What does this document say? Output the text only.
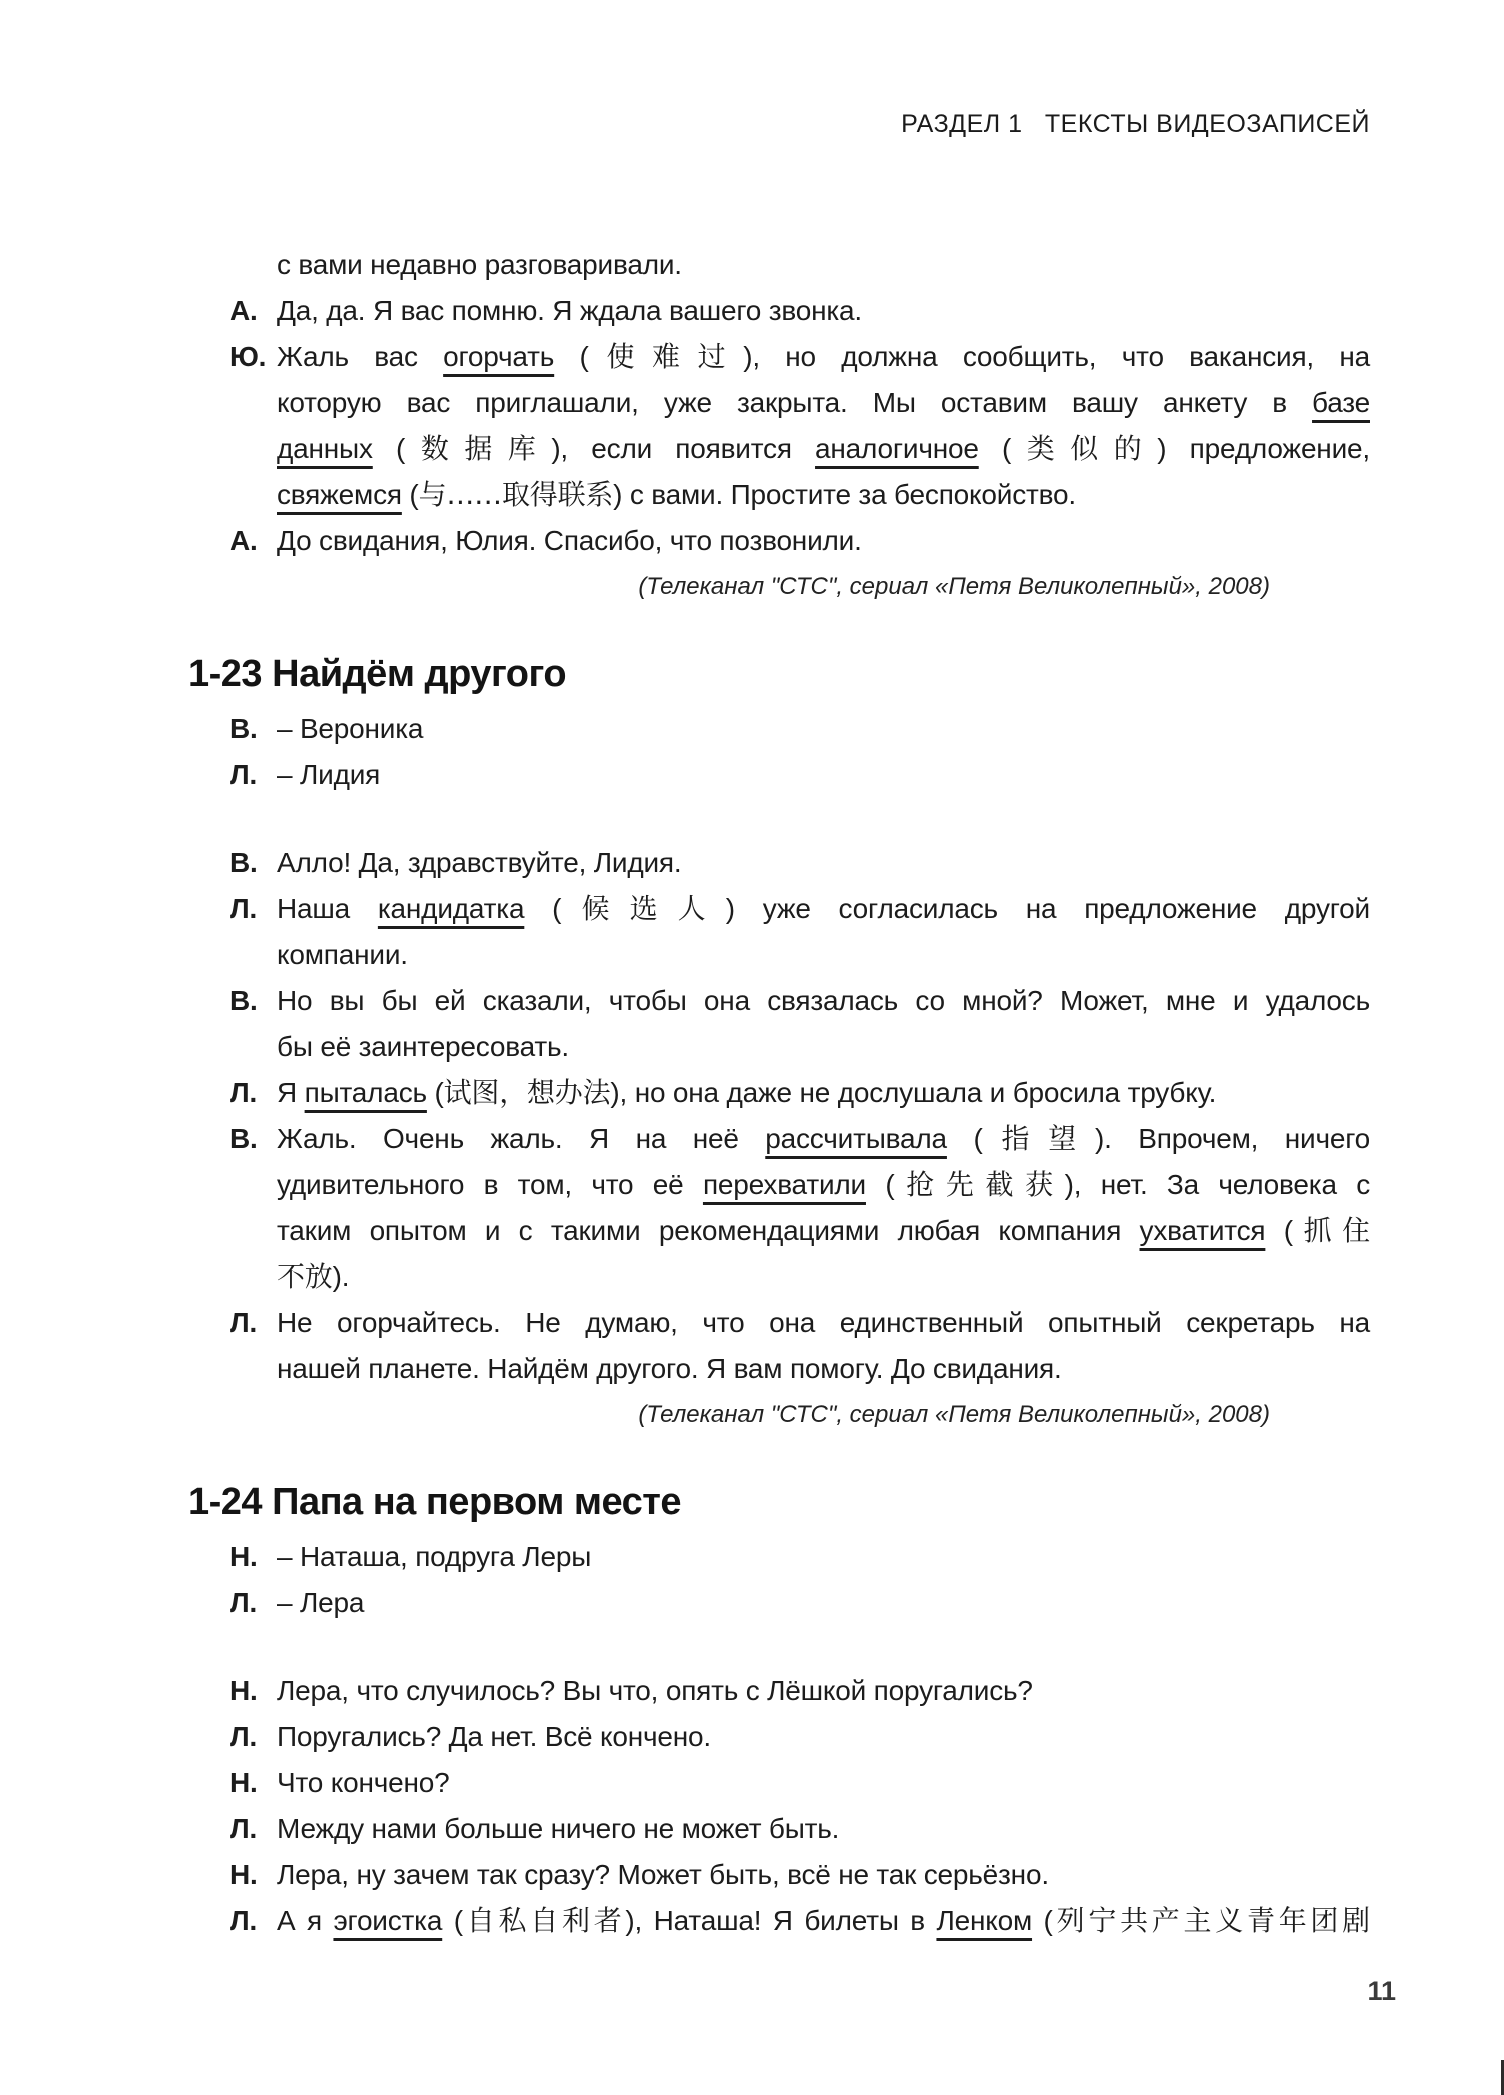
РАЗДЕЛ 1   ТЕКСТЫ ВИДЕОЗАПИСЕЙ
с вами недавно разговаривали.
А. Да, да. Я вас помню. Я ждала вашего звонка.
Ю. Жаль вас огорчать (使难过), но должна сообщить, что вакансия, на
которую вас приглашали, уже закрыта. Мы оставим вашу анкету в базе
данных (数据库), если появится аналогичное (类似的) предложение,
свяжемся (与……取得联系) с вами. Простите за беспокойство.
А. До свидания, Юлия. Спасибо, что позвонили.
(Телеканал "СТС", сериал «Петя Великолепный», 2008)
1-23 Найдём другого
В. – Вероника
Л. – Лидия
В. Алло! Да, здравствуйте, Лидия.
Л. Наша кандидатка (候选人) уже согласилась на предложение другой
компании.
В. Но вы бы ей сказали, чтобы она связалась со мной? Может, мне и удалось
бы её заинтересовать.
Л. Я пыталась (试图，想办法), но она даже не дослушала и бросила трубку.
В. Жаль. Очень жаль. Я на неё рассчитывала (指望). Впрочем, ничего
удивительного в том, что её перехватили (抢先截获), нет. За человека с
таким опытом и с такими рекомендациями любая компания ухватится (抓住
不放).
Л. Не огорчайтесь. Не думаю, что она единственный опытный секретарь на
нашей планете. Найдём другого. Я вам помогу. До свидания.
(Телеканал "СТС", сериал «Петя Великолепный», 2008)
1-24 Папа на первом месте
Н. – Наташа, подруга Леры
Л. – Лера
Н. Лера, что случилось? Вы что, опять с Лёшкой поругались?
Л. Поругались? Да нет. Всё кончено.
Н. Что кончено?
Л. Между нами больше ничего не может быть.
Н. Лера, ну зачем так сразу? Может быть, всё не так серьёзно.
Л. А я эгоистка (自私自利者), Наташа! Я билеты в Ленком (列宁共产主义青年团剧
11
